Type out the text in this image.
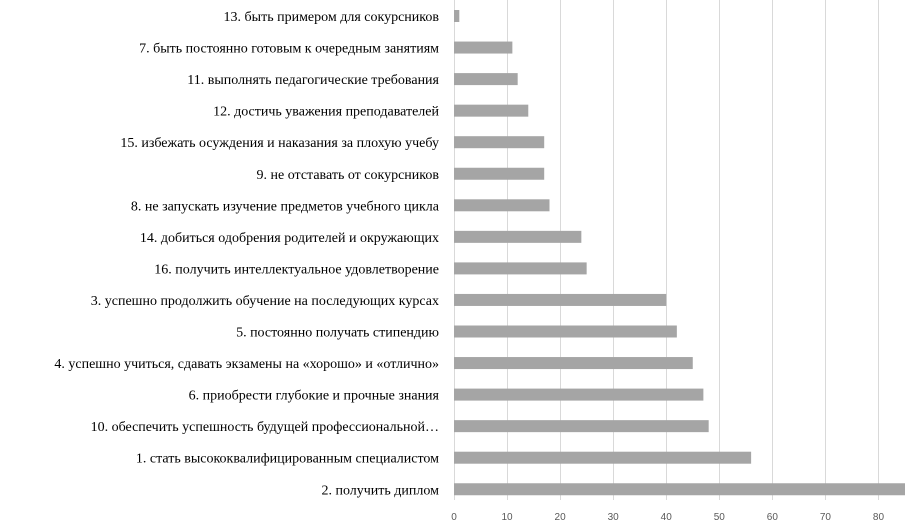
13. быть примером для сокурсников
7. быть постоянно готовым к очередным занятиям
11. выполнять педагогические требования
12. достичь уважения преподавателей
15. избежать осуждения и наказания за плохую учебу
9. не отставать от сокурсников
8. не запускать изучение предметов учебного цикла
14. добиться одобрения родителей и окружающих
16. получить интеллектуальное удовлетворение
3. успешно продолжить обучение на последующих курсах
5. постоянно получать стипендию
4. успешно учиться, сдавать экзамены на «хорошо» и «отлично»
6. приобрести глубокие и прочные знания
10. обеспечить успешность будущей профессиональной…
1. стать высококвалифицированным специалистом
2. получить диплом
0	10	20	30	40	50	60	70	80
